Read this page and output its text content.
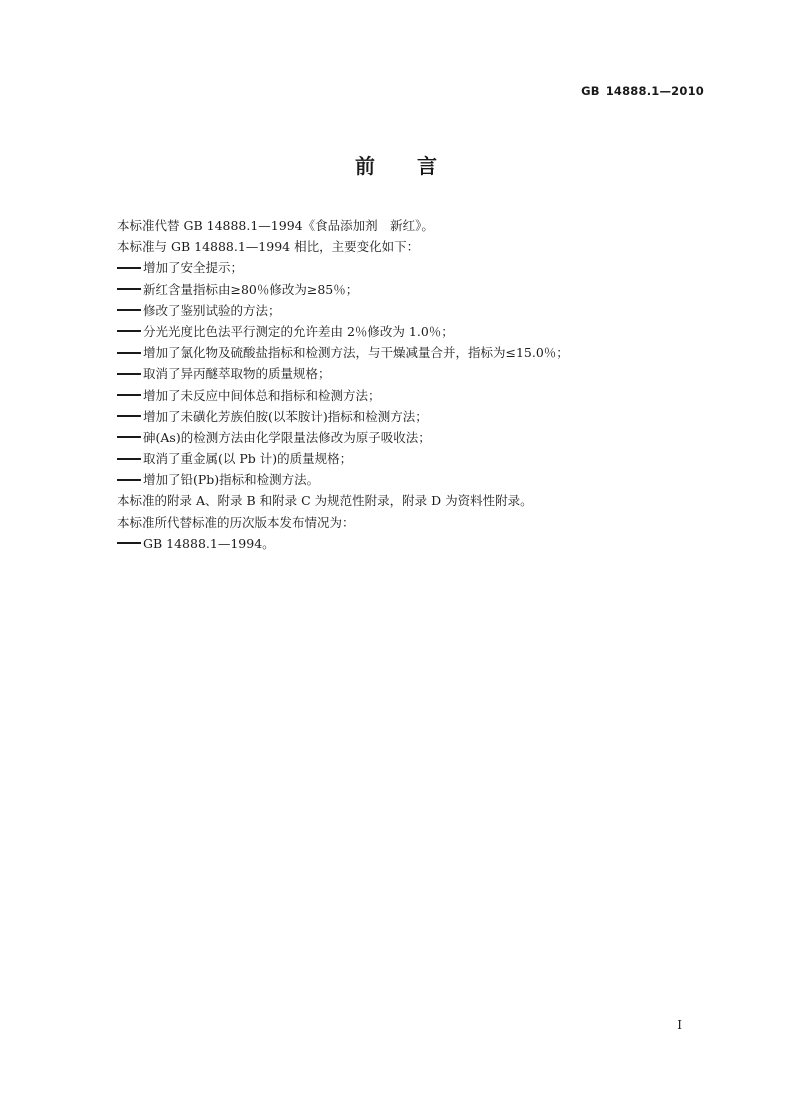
GB 14888.1—2010
前言
本标准代替 GB 14888.1—1994《食品添加剂　新红》。
本标准与 GB 14888.1—1994 相比，主要变化如下：
增加了安全提示；
新红含量指标由≥80％修改为≥85％；
修改了鉴别试验的方法；
分光光度比色法平行测定的允许差由 2％修改为 1.0％；
增加了氯化物及硫酸盐指标和检测方法，与干燥减量合并，指标为≤15.0％；
取消了异丙醚萃取物的质量规格；
增加了未反应中间体总和指标和检测方法；
增加了未磺化芳族伯胺(以苯胺计)指标和检测方法；
砷(As)的检测方法由化学限量法修改为原子吸收法；
取消了重金属(以 Pb 计)的质量规格；
增加了铅(Pb)指标和检测方法。
本标准的附录 A、附录 B 和附录 C 为规范性附录，附录 D 为资料性附录。
本标准所代替标准的历次版本发布情况为：
GB 14888.1—1994。
I
